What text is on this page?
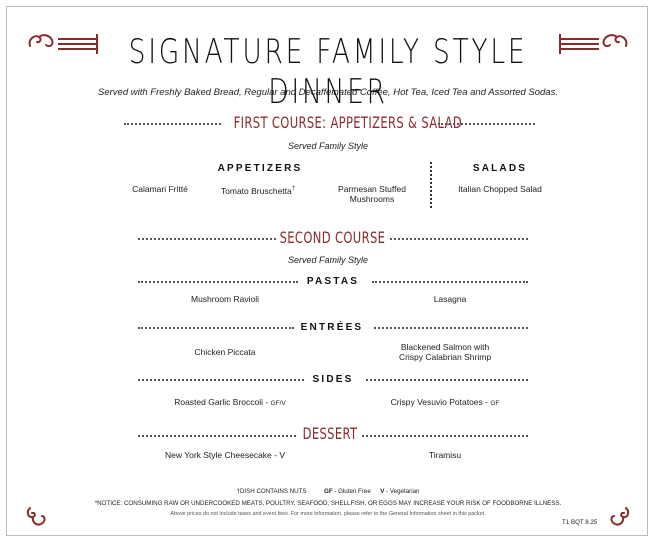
SIGNATURE FAMILY STYLE DINNER
Served with Freshly Baked Bread, Regular and Decaffeinated Coffee, Hot Tea, Iced Tea and Assorted Sodas.
FIRST COURSE: APPETIZERS & SALAD
Served Family Style
APPETIZERS
Calamari Fritté	Tomato Bruschetta†	Parmesan Stuffed
Mushrooms
SALADS
Italian Chopped Salad
SECOND COURSE
Served Family Style
PASTAS
Mushroom Ravioli	Lasagna
ENTRÉES
Chicken Piccata	Blackened Salmon with
Crispy Calabrian Shrimp
SIDES
Roasted Garlic Broccoli - GF/V	Crispy Vesuvio Potatoes - GF
DESSERT
New York Style Cheesecake - V	Tiramisu
†DISH CONTAINS NUTS	GF - Gluten Free V - Vegetarian
*NOTICE: CONSUMING RAW OR UNDERCOOKED MEATS, POULTRY, SEAFOOD, SHELLFISH, OR EGGS MAY INCREASE YOUR RISK OF FOODBORNE ILLNESS.
Above prices do not include taxes and event fees. For more information, please refer to the General Information sheet in this packet.
T1 BQT 8.25
